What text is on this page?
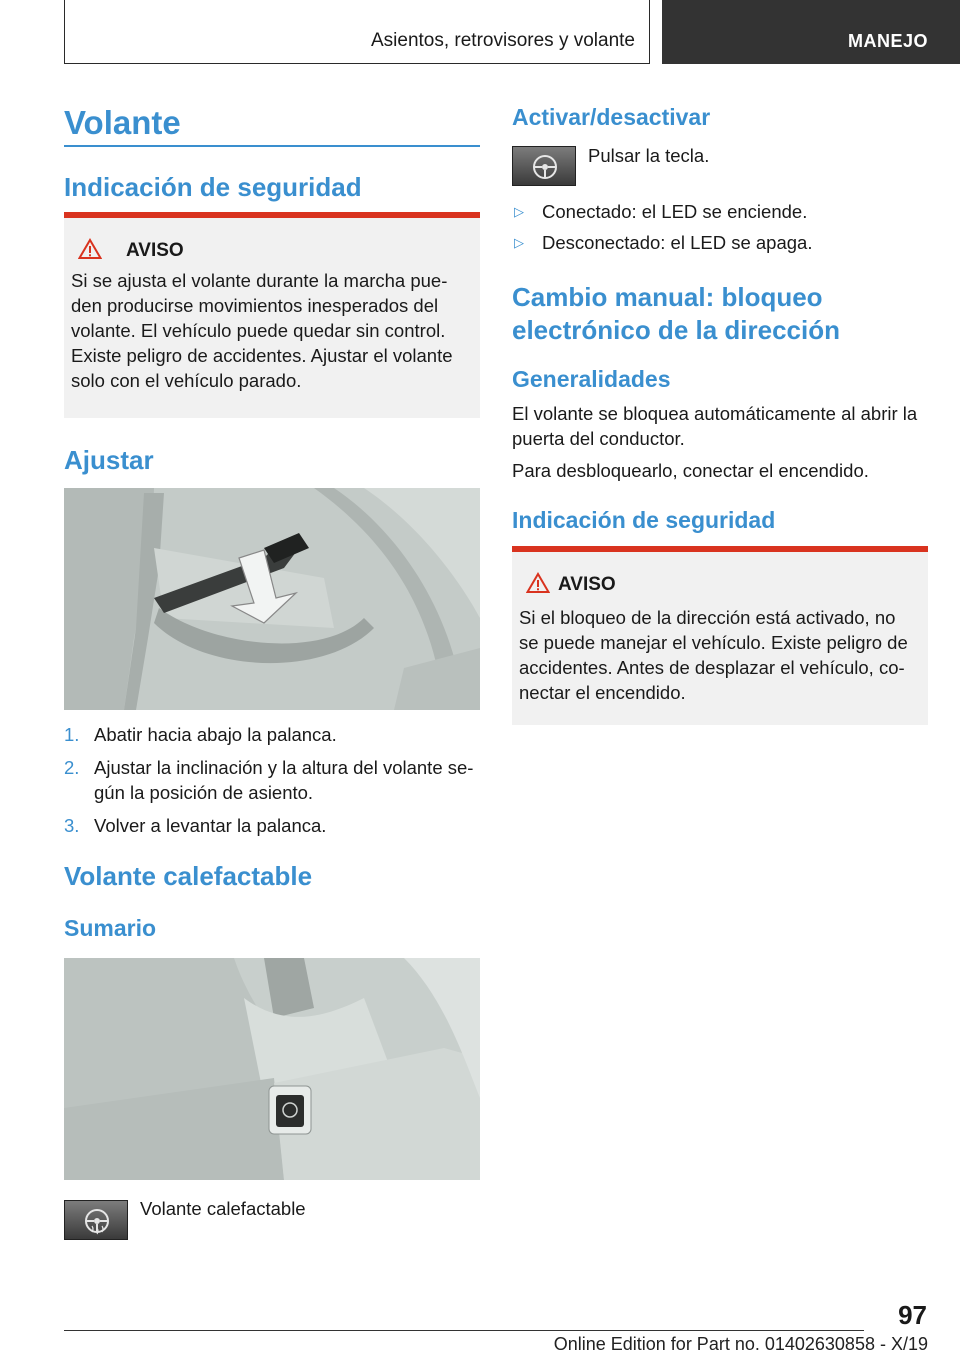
Asientos, retrovisores y volante	MANEJO
Volante
Indicación de seguridad
AVISO
Si se ajusta el volante durante la marcha pue-
den producirse movimientos inesperados del
volante. El vehículo puede quedar sin control.
Existe peligro de accidentes. Ajustar el volante
solo con el vehículo parado.
Ajustar
1. Abatir hacia abajo la palanca.
2. Ajustar la inclinación y la altura del volante se-
gún la posición de asiento.
3. Volver a levantar la palanca.
Volante calefactable
Sumario
Volante calefactable
Activar/desactivar
Pulsar la tecla.
▷ Conectado: el LED se enciende.
▷ Desconectado: el LED se apaga.
Cambio manual: bloqueo
electrónico de la dirección
Generalidades
El volante se bloquea automáticamente al abrir la
puerta del conductor.
Para desbloquearlo, conectar el encendido.
Indicación de seguridad
AVISO
Si el bloqueo de la dirección está activado, no
se puede manejar el vehículo. Existe peligro de
accidentes. Antes de desplazar el vehículo, co-
nectar el encendido.
97
Online Edition for Part no. 01402630858 - X/19
